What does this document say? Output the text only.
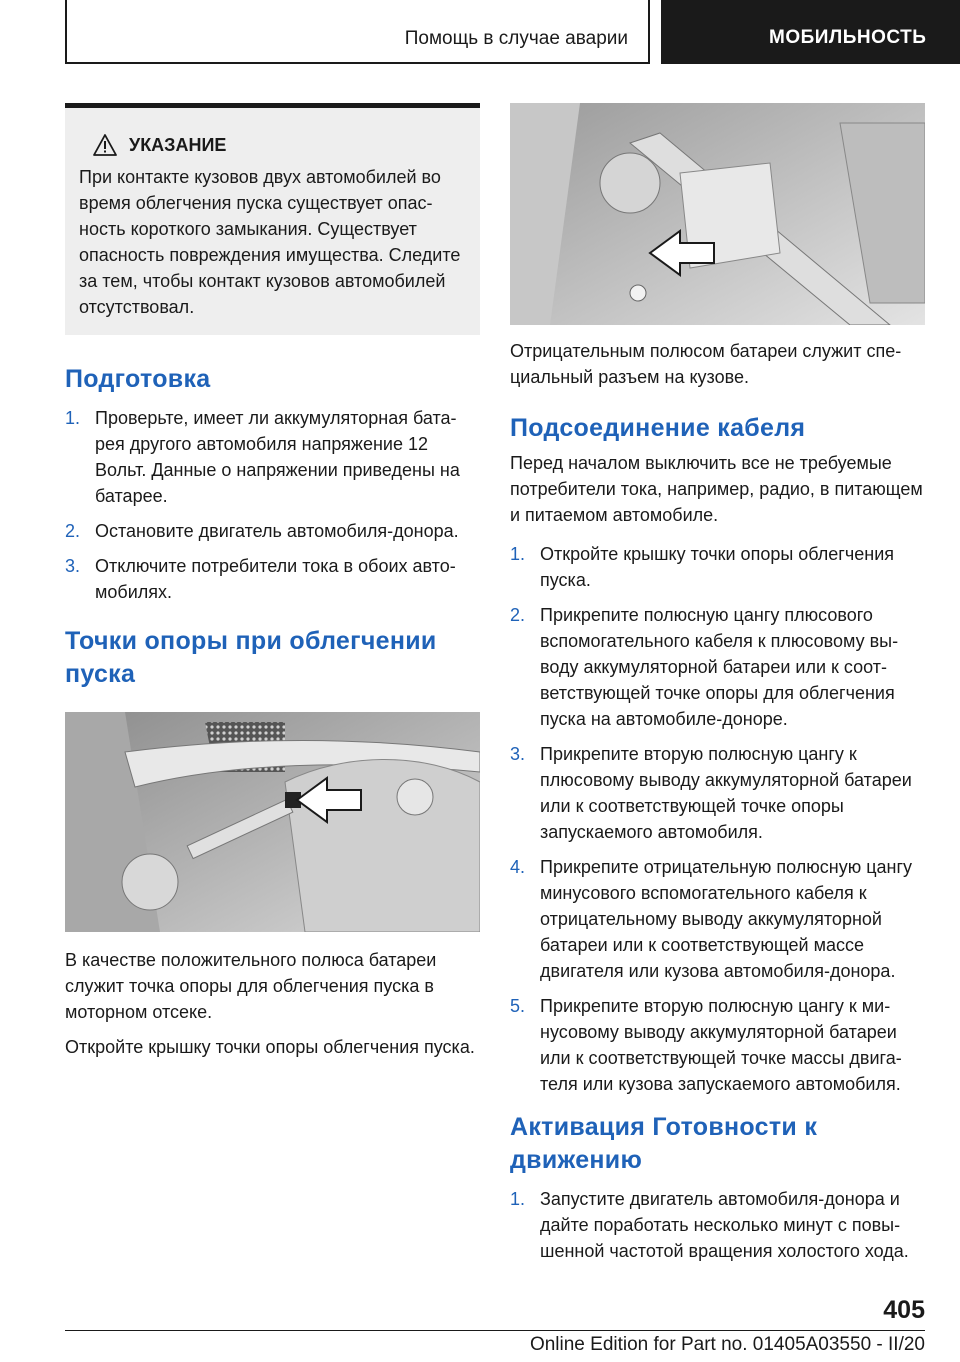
Помощь в случае аварии	МОБИЛЬНОСТЬ
УКАЗАНИЕ
При контакте кузовов двух автомобилей во время облегчения пуска существует опасность короткого замыкания. Существует опасность повреждения имущества. Следите за тем, чтобы контакт кузовов автомобилей отсутствовал.
Подготовка
1. Проверьте, имеет ли аккумуляторная батарея другого автомобиля напряжение 12 Вольт. Данные о напряжении приведены на батарее.
2. Остановите двигатель автомобиля-донора.
3. Отключите потребители тока в обоих автомобилях.
Точки опоры при облегчении пуска

В качестве положительного полюса батареи служит точка опоры для облегчения пуска в моторном отсеке.

Откройте крышку точки опоры облегчения пуска.

Отрицательным полюсом батареи служит специальный разъем на кузове.

Подсоединение кабеля

Перед началом выключить все не требуемые потребители тока, например, радио, в питающем и питаемом автомобиле.

1. Откройте крышку точки опоры облегчения пуска.
2. Прикрепите полюсную цангу плюсового вспомогательного кабеля к плюсовому выводу аккумуляторной батареи или к соответствующей точке опоры для облегчения пуска на автомобиле-доноре.
3. Прикрепите вторую полюсную цангу к плюсовому выводу аккумуляторной батареи или к соответствующей точке опоры запускаемого автомобиля.
4. Прикрепите отрицательную полюсную цангу минусового вспомогательного кабеля к отрицательному выводу аккумуляторной батареи или к соответствующей массе двигателя или кузова автомобиля-донора.
5. Прикрепите вторую полюсную цангу к минусовому выводу аккумуляторной батареи или к соответствующей точке массы двигателя или кузова запускаемого автомобиля.
Активация Готовности к движению
1. Запустите двигатель автомобиля-донора и дайте поработать несколько минут с повышенной частотой вращения холостого хода.
405
Online Edition for Part no. 01405A03550 - II/20
